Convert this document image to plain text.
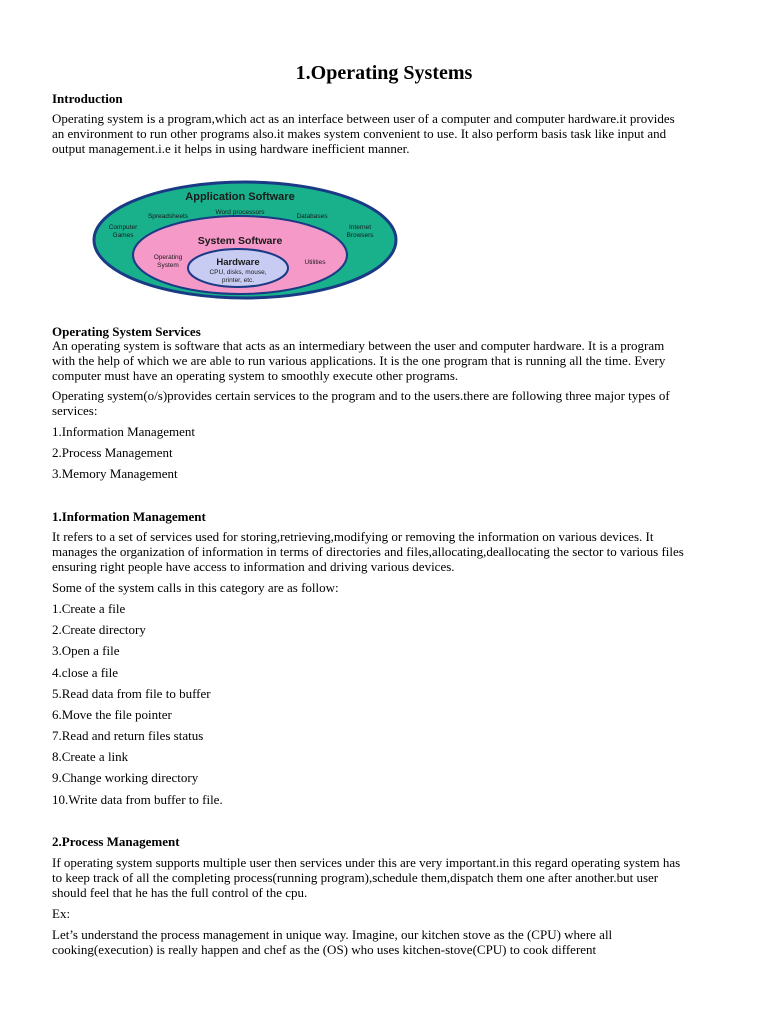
1.Operating Systems
Introduction
Operating system is a program,which act as an interface between user of a computer and computer hardware.it provides
an environment to run other programs also.it makes system convenient to use. It also perform basis task like input and
output management.i.e it helps in using hardware inefficient manner.
Application Software
Spreadsheets
Word processors
Databases
Computer
Games
Internet
Browsers
System Software
Operating
System	Utilities
Hardware
CPU, disks, mouse,
printer, etc.
Operating System Services
An operating system is software that acts as an intermediary between the user and computer hardware. It is a program
with the help of which we are able to run various applications. It is the one program that is running all the time. Every
computer must have an operating system to smoothly execute other programs.
Operating system(o/s)provides certain services to the program and to the users.there are following three major types of
services:
1.Information Management
2.Process Management
3.Memory Management
1.Information Management
It refers to a set of services used for storing,retrieving,modifying or removing the information on various devices. It
manages the organization of information in terms of directories and files,allocating,deallocating the sector to various files
ensuring right people have access to information and driving various devices.
Some of the system calls in this category are as follow:
1.Create a file
2.Create directory
3.Open a file
4.close a file
5.Read data from file to buffer
6.Move the file pointer
7.Read and return files status
8.Create a link
9.Change working directory
10.Write data from buffer to file.
2.Process Management
If operating system supports multiple user then services under this are very important.in this regard operating system has
to keep track of all the completing process(running program),schedule them,dispatch them one after another.but user
should feel that he has the full control of the cpu.
Ex:
Let’s understand the process management in unique way. Imagine, our kitchen stove as the (CPU) where all
cooking(execution) is really happen and chef as the (OS) who uses kitchen-stove(CPU) to cook different
